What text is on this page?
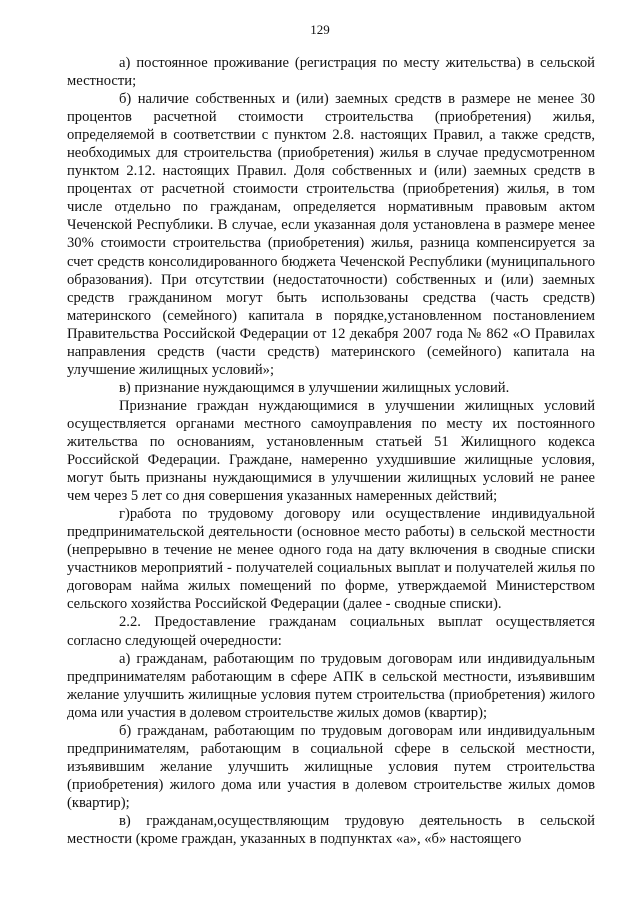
129

а) постоянное проживание (регистрация по месту жительства) в сельской местности;

б) наличие собственных и (или) заемных средств в размере не менее 30 процентов расчетной стоимости строительства (приобретения) жилья, определяемой в соответствии с пунктом 2.8. настоящих Правил, а также средств, необходимых для строительства (приобретения) жилья в случае предусмотренном пунктом 2.12. настоящих Правил. Доля собственных и (или) заемных средств в процентах от расчетной стоимости строительства (приобретения) жилья, в том числе отдельно по гражданам, определяется нормативным правовым актом Чеченской Республики. В случае, если указанная доля установлена в размере менее 30% стоимости строительства (приобретения) жилья, разница компенсируется за счет средств консолидированного бюджета Чеченской Республики (муниципального образования). При отсутствии (недостаточности) собственных и (или) заемных средств гражданином могут быть использованы средства (часть средств) материнского (семейного) капитала в порядке,установленном постановлением Правительства Российской Федерации от 12 декабря 2007 года № 862 «О Правилах направления средств (части средств) материнского (семейного) капитала на улучшение жилищных условий»;

в) признание нуждающимся в улучшении жилищных условий.

Признание граждан нуждающимися в улучшении жилищных условий осуществляется органами местного самоуправления по месту их постоянного жительства по основаниям, установленным статьей 51 Жилищного кодекса Российской Федерации. Граждане, намеренно ухудшившие жилищные условия, могут быть признаны нуждающимися в улучшении жилищных условий не ранее чем через 5 лет со дня совершения указанных намеренных действий;

г)работа по трудовому договору или осуществление индивидуальной предпринимательской деятельности (основное место работы) в сельской местности (непрерывно в течение не менее одного года на дату включения в сводные списки участников мероприятий - получателей социальных выплат и получателей жилья по договорам найма жилых помещений по форме, утверждаемой Министерством сельского хозяйства Российской Федерации (далее - сводные списки).

2.2. Предоставление гражданам социальных выплат осуществляется согласно следующей очередности:

а) гражданам, работающим по трудовым договорам или индивидуальным предпринимателям работающим в сфере АПК в сельской местности, изъявившим желание улучшить жилищные условия путем строительства (приобретения) жилого дома или участия в долевом строительстве жилых домов (квартир);

б) гражданам, работающим по трудовым договорам или индивидуальным предпринимателям, работающим в социальной сфере в сельской местности, изъявившим желание улучшить жилищные условия путем строительства (приобретения) жилого дома или участия в долевом строительстве жилых домов (квартир);

в) гражданам,осуществляющим трудовую деятельность в сельской местности (кроме граждан, указанных в подпунктах «а», «б» настоящего
